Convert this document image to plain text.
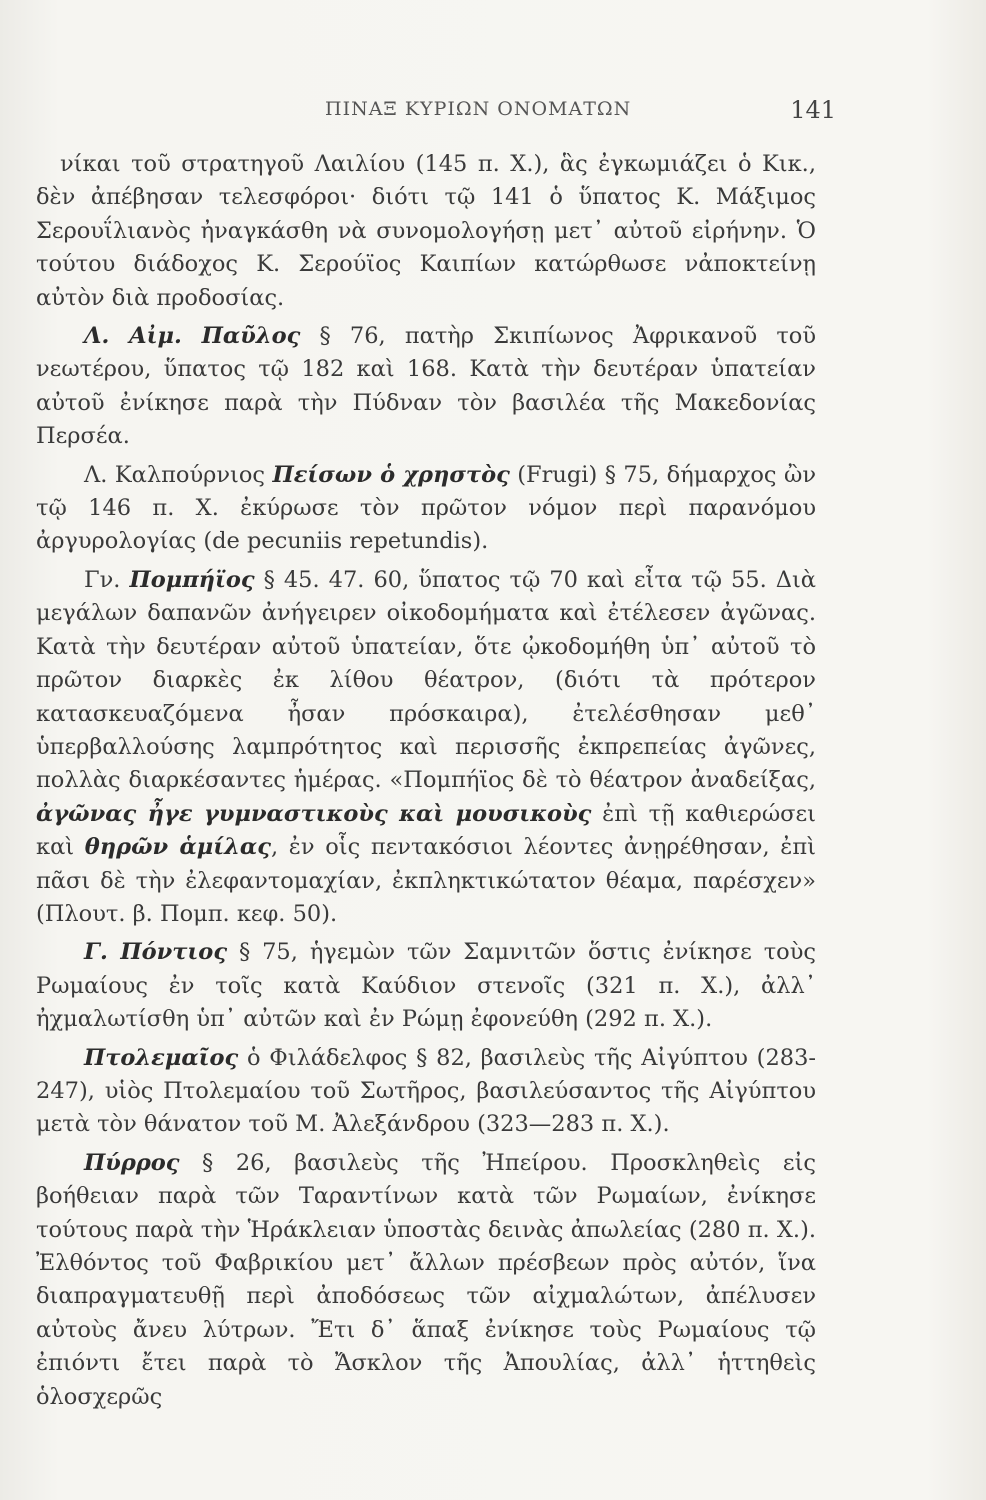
ΠΙΝΑΞ ΚΥΡΙΩΝ ΟΝΟΜΑΤΩΝ	141

νίκαι τοῦ στρατηγοῦ Λαιλίου (145 π. Χ.), ἃς ἐγκωμιάζει ὁ Κικ., δὲν ἀπέβησαν τελεσφόροι· διότι τῷ 141 ὁ ὕπατος Κ. Μάξιμος Σερουΐλιανὸς ἠναγκάσθη νὰ συνομολογήσῃ μετ᾽ αὐτοῦ εἰρήνην. Ὁ τούτου διάδοχος Κ. Σερούϊος Καιπίων κατώρθωσε νἀποκτείνῃ αὐτὸν διὰ προδοσίας.

Λ. Αἰμ. Παῦλος § 76, πατὴρ Σκιπίωνος Ἀφρικανοῦ τοῦ νεωτέρου, ὕπατος τῷ 182 καὶ 168. Κατὰ τὴν δευτέραν ὑπατείαν αὐτοῦ ἐνίκησε παρὰ τὴν Πύδναν τὸν βασιλέα τῆς Μακεδονίας Περσέα.

Λ. Καλπούρνιος Πείσων ὁ χρηστὸς (Frugi) § 75, δήμαρχος ὢν τῷ 146 π. Χ. ἐκύρωσε τὸν πρῶτον νόμον περὶ παρανόμου ἀργυρολογίας (de pecuniis repetundis).

Γν. Πομπήϊος § 45. 47. 60, ὕπατος τῷ 70 καὶ εἶτα τῷ 55. Διὰ μεγάλων δαπανῶν ἀνήγειρεν οἰκοδομήματα καὶ ἐτέλεσεν ἀγῶνας. Κατὰ τὴν δευτέραν αὐτοῦ ὑπατείαν, ὅτε ᾠκοδομήθη ὑπ᾽ αὐτοῦ τὸ πρῶτον διαρκὲς ἐκ λίθου θέατρον, (διότι τὰ πρότερον κατασκευαζόμενα ἦσαν πρόσκαιρα), ἐτελέσθησαν μεθ᾽ ὑπερβαλλούσης λαμπρότητος καὶ περισσῆς ἐκπρεπείας ἀγῶνες, πολλὰς διαρκέσαντες ἡμέρας. «Πομπήϊος δὲ τὸ θέατρον ἀναδείξας, ἀγῶνας ἦγε γυμναστικοὺς καὶ μουσικοὺς ἐπὶ τῇ καθιερώσει καὶ θηρῶν ἁμίλας, ἐν οἷς πεντακόσιοι λέοντες ἀνῃρέθησαν, ἐπὶ πᾶσι δὲ τὴν ἐλεφαντομαχίαν, ἐκπληκτικώτατον θέαμα, παρέσχεν» (Πλουτ. β. Πομπ. κεφ. 50).

Γ. Πόντιος § 75, ἡγεμὼν τῶν Σαμνιτῶν ὅστις ἐνίκησε τοὺς Ρωμαίους ἐν τοῖς κατὰ Καύδιον στενοῖς (321 π. Χ.), ἀλλ᾽ ἠχμαλωτίσθη ὑπ᾽ αὐτῶν καὶ ἐν Ρώμῃ ἐφονεύθη (292 π. Χ.).

Πτολεμαῖος ὁ Φιλάδελφος § 82, βασιλεὺς τῆς Αἰγύπτου (283-247), υἱὸς Πτολεμαίου τοῦ Σωτῆρος, βασιλεύσαντος τῆς Αἰγύπτου μετὰ τὸν θάνατον τοῦ Μ. Ἀλεξάνδρου (323—283 π. Χ.).

Πύρρος § 26, βασιλεὺς τῆς Ἠπείρου. Προσκληθεὶς εἰς βοήθειαν παρὰ τῶν Ταραντίνων κατὰ τῶν Ρωμαίων, ἐνίκησε τούτους παρὰ τὴν Ἡράκλειαν ὑποστὰς δεινὰς ἀπωλείας (280 π. Χ.). Ἐλθόντος τοῦ Φαβρικίου μετ᾽ ἄλλων πρέσβεων πρὸς αὐτόν, ἵνα διαπραγματευθῇ περὶ ἀποδόσεως τῶν αἰχμαλώτων, ἀπέλυσεν αὐτοὺς ἄνευ λύτρων. Ἔτι δ᾽ ἅπαξ ἐνίκησε τοὺς Ρωμαίους τῷ ἐπιόντι ἔτει παρὰ τὸ Ἄσκλον τῆς Ἀπουλίας, ἀλλ᾽ ἡττηθεὶς ὁλοσχερῶς
